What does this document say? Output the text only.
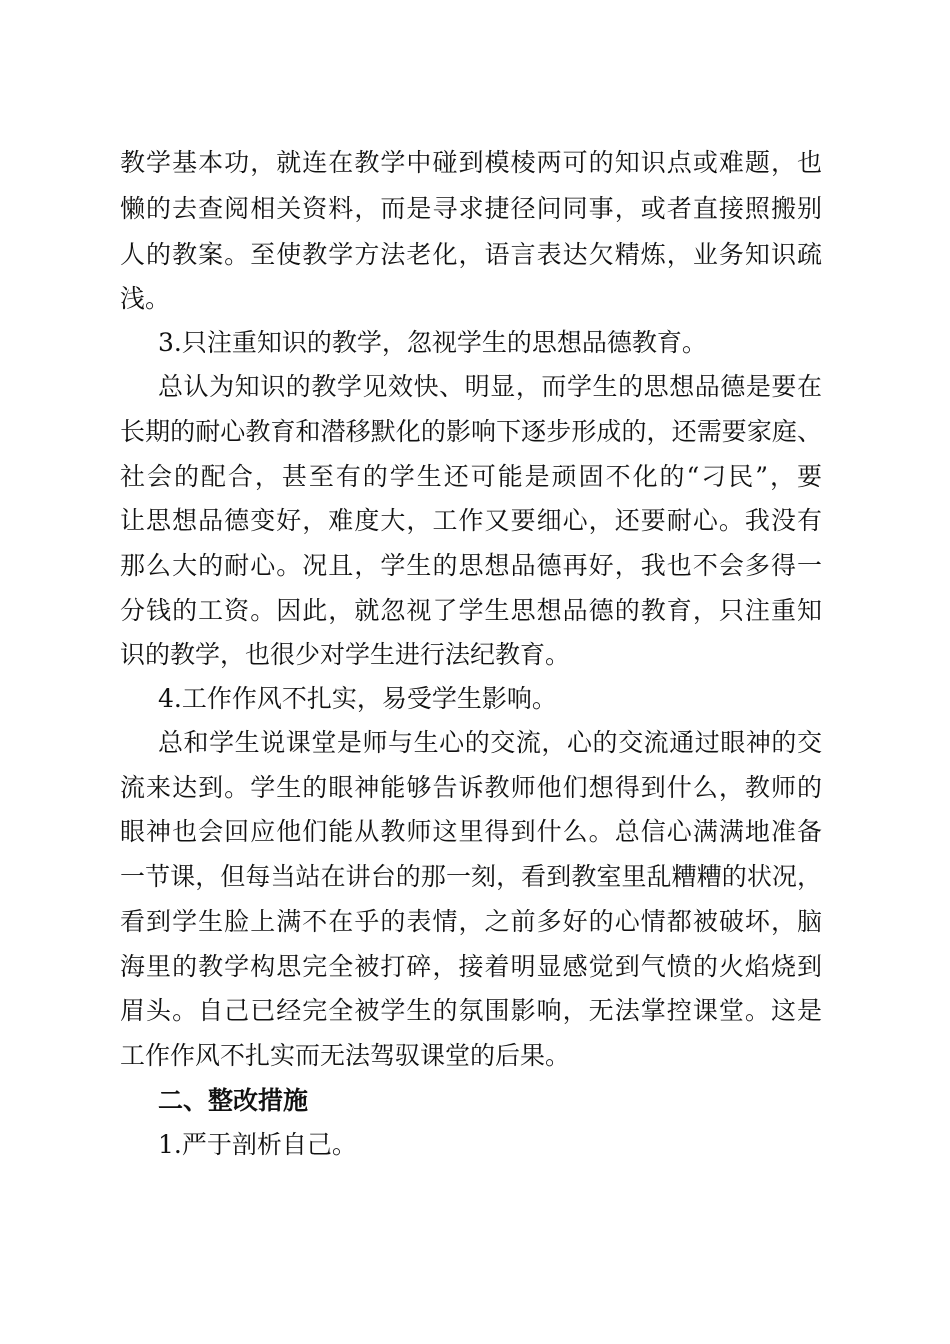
教学基本功，就连在教学中碰到模棱两可的知识点或难题，也
懒的去查阅相关资料，而是寻求捷径问同事，或者直接照搬别
人的教案。至使教学方法老化，语言表达欠精炼，业务知识疏
浅。
3.只注重知识的教学，忽视学生的思想品德教育。
总认为知识的教学见效快、明显，而学生的思想品德是要在
长期的耐心教育和潜移默化的影响下逐步形成的，还需要家庭、
社会的配合，甚至有的学生还可能是顽固不化的“刁民”，要
让思想品德变好，难度大，工作又要细心，还要耐心。我没有
那么大的耐心。况且，学生的思想品德再好，我也不会多得一
分钱的工资。因此，就忽视了学生思想品德的教育，只注重知
识的教学，也很少对学生进行法纪教育。
4.工作作风不扎实，易受学生影响。
总和学生说课堂是师与生心的交流，心的交流通过眼神的交
流来达到。学生的眼神能够告诉教师他们想得到什么，教师的
眼神也会回应他们能从教师这里得到什么。总信心满满地准备
一节课，但每当站在讲台的那一刻，看到教室里乱糟糟的状况，
看到学生脸上满不在乎的表情，之前多好的心情都被破坏，脑
海里的教学构思完全被打碎，接着明显感觉到气愤的火焰烧到
眉头。自己已经完全被学生的氛围影响，无法掌控课堂。这是
工作作风不扎实而无法驾驭课堂的后果。
二、整改措施
1.严于剖析自己。
